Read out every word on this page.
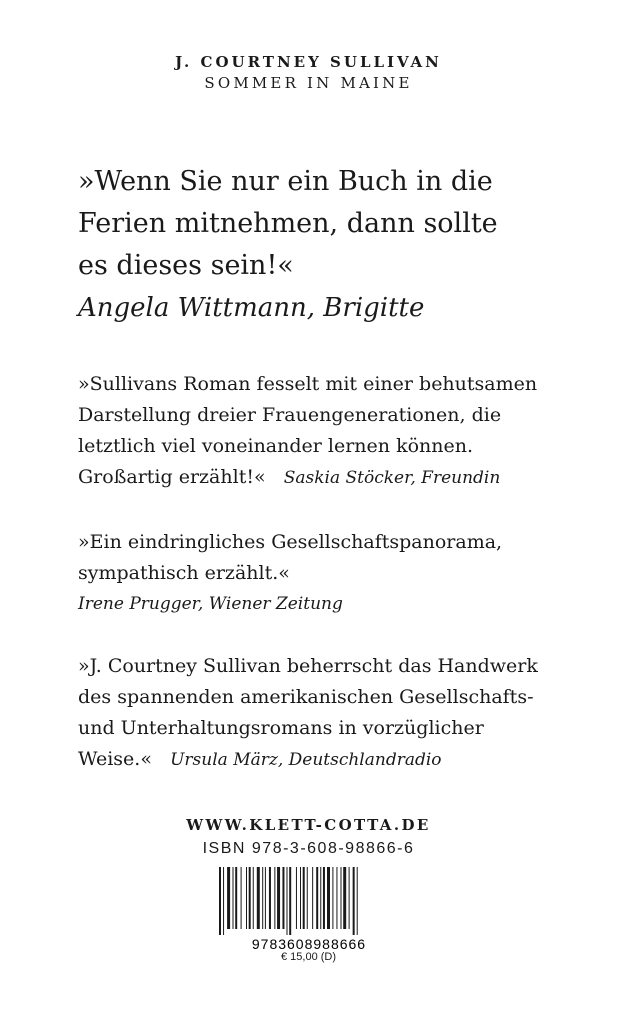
J. COURTNEY SULLIVAN
SOMMER IN MAINE
»Wenn Sie nur ein Buch in die
Ferien mitnehmen, dann sollte
es dieses sein!«
Angela Wittmann, Brigitte
»Sullivans Roman fesselt mit einer behutsamen
Darstellung dreier Frauengenerationen, die
letztlich viel voneinander lernen können.
Großartig erzählt!« Saskia Stöcker, Freundin
»Ein eindringliches Gesellschaftspanorama,
sympathisch erzählt.«
Irene Prugger, Wiener Zeitung
»J. Courtney Sullivan beherrscht das Handwerk
des spannenden amerikanischen Gesellschafts-
und Unterhaltungsromans in vorzüglicher
Weise.« Ursula März, Deutschlandradio
WWW.KLETT-COTTA.DE
ISBN 978-3-608-98866-6
9783608988666
€ 15,00 (D)
